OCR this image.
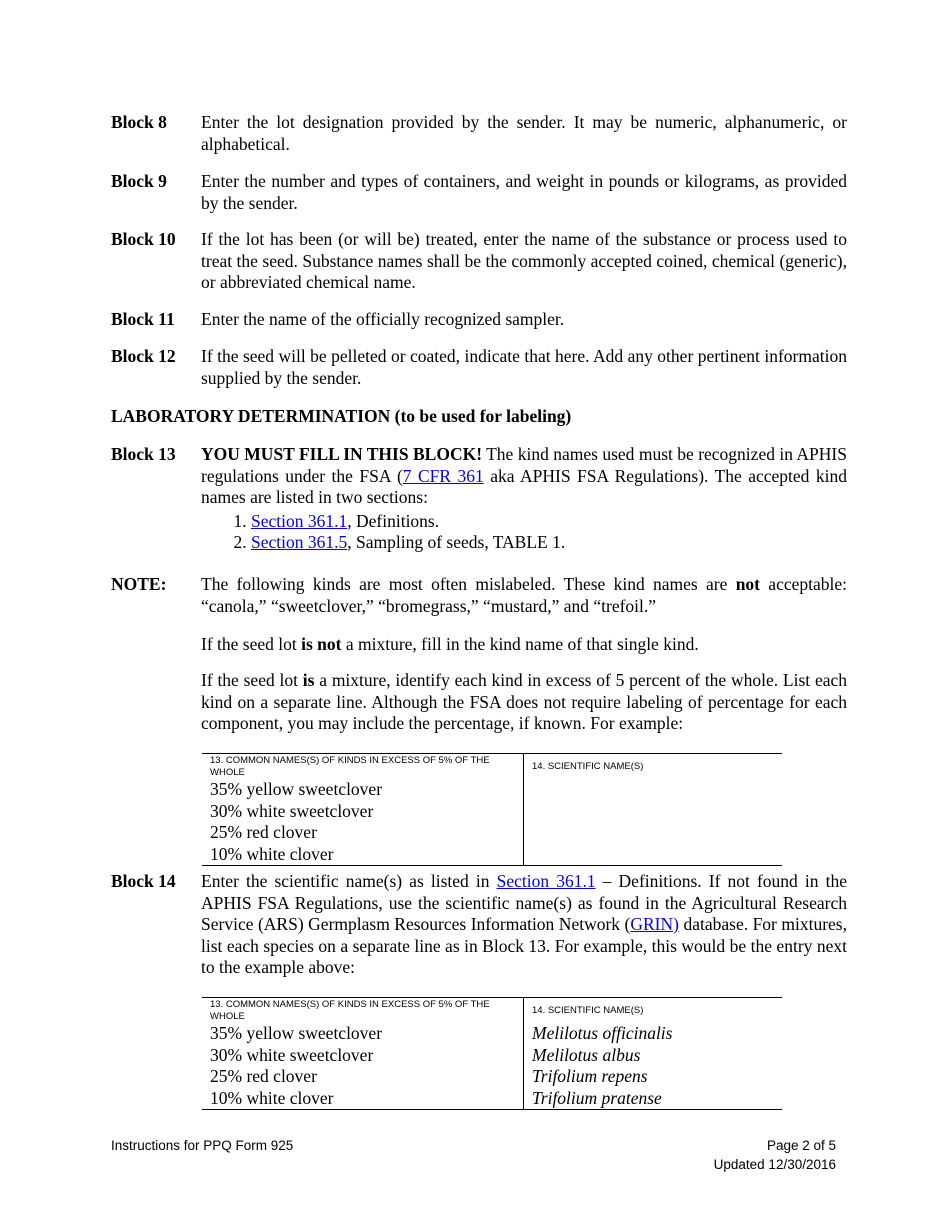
Block 8	Enter the lot designation provided by the sender. It may be numeric, alphanumeric, or alphabetical.
Block 9	Enter the number and types of containers, and weight in pounds or kilograms, as provided by the sender.
Block 10	If the lot has been (or will be) treated, enter the name of the substance or process used to treat the seed. Substance names shall be the commonly accepted coined, chemical (generic), or abbreviated chemical name.
Block 11	Enter the name of the officially recognized sampler.
Block 12	If the seed will be pelleted or coated, indicate that here. Add any other pertinent information supplied by the sender.
LABORATORY DETERMINATION (to be used for labeling)
Block 13	YOU MUST FILL IN THIS BLOCK! The kind names used must be recognized in APHIS regulations under the FSA (7 CFR 361 aka APHIS FSA Regulations). The accepted kind names are listed in two sections:
1. Section 361.1, Definitions.
2. Section 361.5, Sampling of seeds, TABLE 1.
NOTE:	The following kinds are most often mislabeled. These kind names are not acceptable: “canola,” “sweetclover,” “bromegrass,” “mustard,” and “trefoil.”
If the seed lot is not a mixture, fill in the kind name of that single kind.
If the seed lot is a mixture, identify each kind in excess of 5 percent of the whole. List each kind on a separate line. Although the FSA does not require labeling of percentage for each component, you may include the percentage, if known. For example:
13. COMMON NAMES(S) OF KINDS IN EXCESS OF 5% OF THE WHOLE	14. SCIENTIFIC NAME(S)
35% yellow sweetclover	
30% white sweetclover	
25% red clover	
10% white clover	
Block 14	Enter the scientific name(s) as listed in Section 361.1 – Definitions. If not found in the APHIS FSA Regulations, use the scientific name(s) as found in the Agricultural Research Service (ARS) Germplasm Resources Information Network (GRIN) database. For mixtures, list each species on a separate line as in Block 13. For example, this would be the entry next to the example above:
13. COMMON NAMES(S) OF KINDS IN EXCESS OF 5% OF THE WHOLE	14. SCIENTIFIC NAME(S)
35% yellow sweetclover	Melilotus officinalis
30% white sweetclover	Melilotus albus
25% red clover	Trifolium repens
10% white clover	Trifolium pratense
Instructions for PPQ Form 925	Page 2 of 5
Updated 12/30/2016
